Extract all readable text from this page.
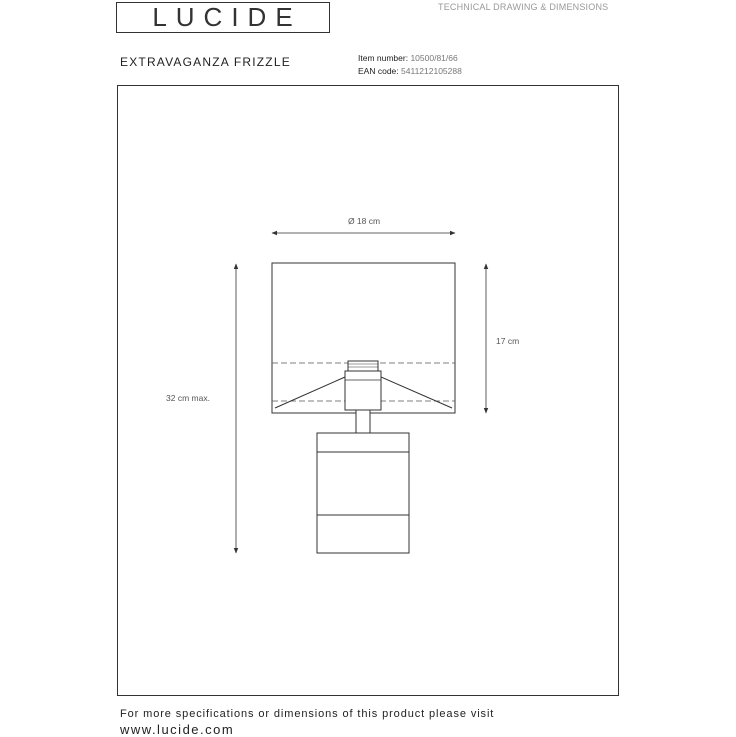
LUCIDE	TECHNICAL DRAWING & DIMENSIONS
EXTRAVAGANZA FRIZZLE	Item number: 10500/81/66
EAN code: 5411212105288
Ø 18 cm
17 cm
32 cm max.
For more specifications or dimensions of this product please visit
www.lucide.com
